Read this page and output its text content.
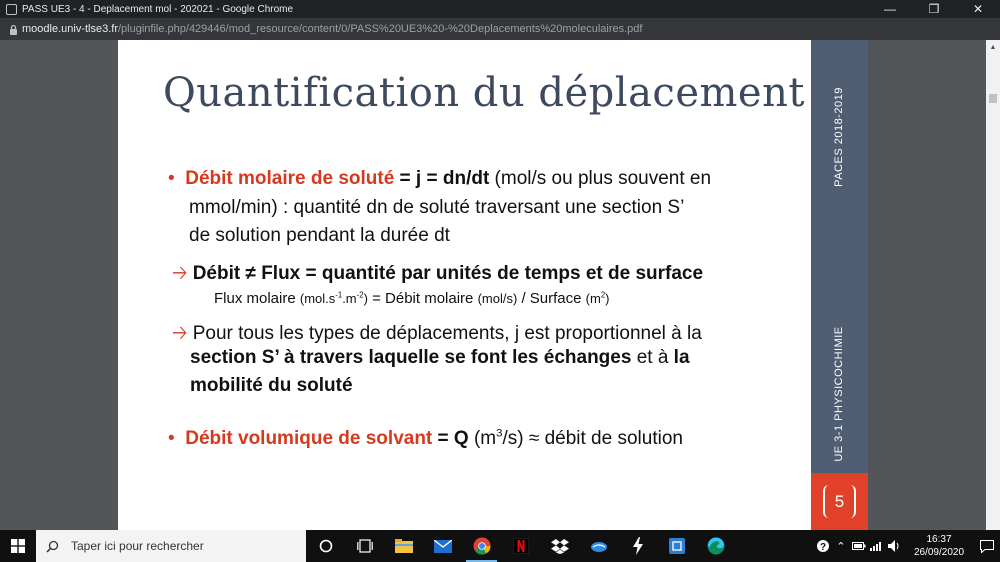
PASS UE3 - 4 - Deplacement mol - 202021 - Google Chrome	—	❐	✕
moodle.univ-tlse3.fr/pluginfile.php/429446/mod_resource/content/0/PASS%20UE3%20-%20Deplacements%20moleculaires.pdf
▲
Quantification du déplacement	PACES 2018-2019
UE 3-1 PHYSICOCHIMIE
5
• Débit molaire de soluté = j = dn/dt (mol/s ou plus souvent en
mmol/min) : quantité dn de soluté traversant une section S’
de solution pendant la durée dt
🡢 Débit ≠ Flux = quantité par unités de temps et de surface
Flux molaire $(mol.s^{-1}.m^{-2})$ = Débit molaire (mol/s) / Surface $(m^2)$
🡢 Pour tous les types de déplacements, j est proportionnel à la
section S’ à travers laquelle se font les échanges et à la
mobilité du soluté
• Débit volumique de solvant = Q $(m^3/s)$ ≈ débit de solution
Taper ici pour rechercher	? ⌃
16:37
26/09/2020
